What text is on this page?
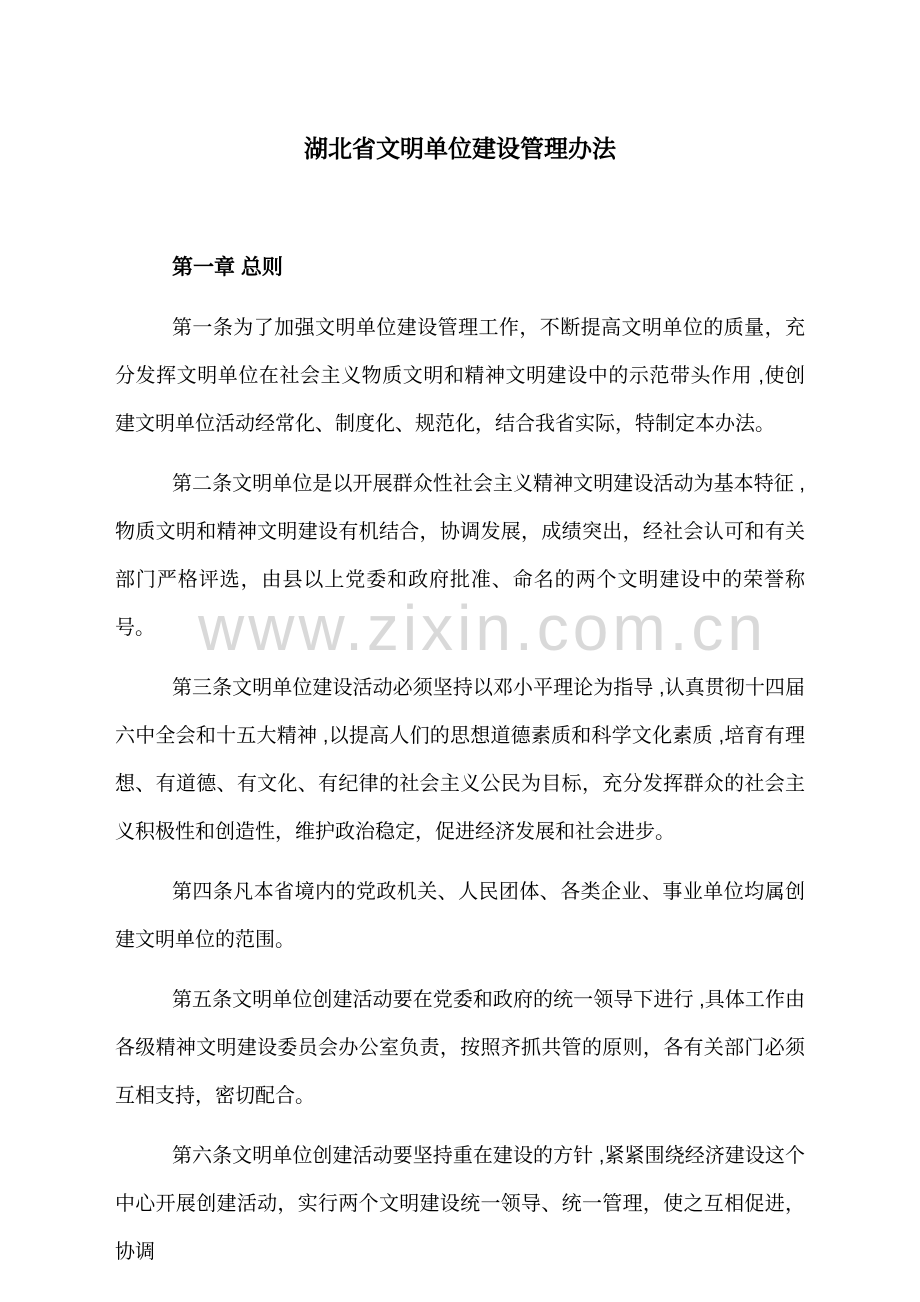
www.zixin.com.cn
湖北省文明单位建设管理办法
第一章 总则

第一条为了加强文明单位建设管理工作，不断提高文明单位的质量，充分发挥文明单位在社会主义物质文明和精神文明建设中的示范带头作用 ,使创建文明单位活动经常化、制度化、规范化，结合我省实际，特制定本办法。

第二条文明单位是以开展群众性社会主义精神文明建设活动为基本特征 ,物质文明和精神文明建设有机结合，协调发展，成绩突出，经社会认可和有关部门严格评选，由县以上党委和政府批准、命名的两个文明建设中的荣誉称号。

第三条文明单位建设活动必须坚持以邓小平理论为指导 ,认真贯彻十四届六中全会和十五大精神 ,以提高人们的思想道德素质和科学文化素质 ,培育有理想、有道德、有文化、有纪律的社会主义公民为目标，充分发挥群众的社会主义积极性和创造性，维护政治稳定，促进经济发展和社会进步。

第四条凡本省境内的党政机关、人民团体、各类企业、事业单位均属创建文明单位的范围。

第五条文明单位创建活动要在党委和政府的统一领导下进行 ,具体工作由各级精神文明建设委员会办公室负责，按照齐抓共管的原则，各有关部门必须互相支持，密切配合。

第六条文明单位创建活动要坚持重在建设的方针 ,紧紧围绕经济建设这个中心开展创建活动，实行两个文明建设统一领导、统一管理，使之互相促进，协调
